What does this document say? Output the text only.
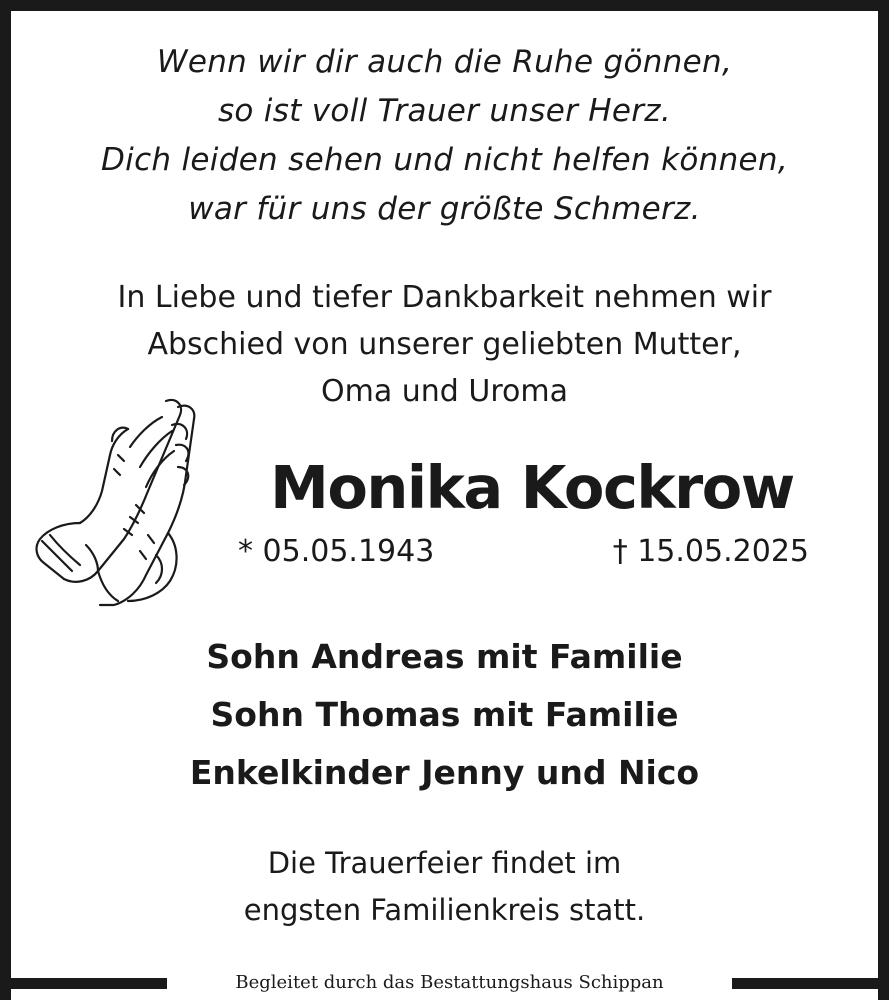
Wenn wir dir auch die Ruhe gönnen,
so ist voll Trauer unser Herz.
Dich leiden sehen und nicht helfen können,
war für uns der größte Schmerz.
In Liebe und tiefer Dankbarkeit nehmen wir
Abschied von unserer geliebten Mutter,
Oma und Uroma
Monika Kockrow
* 05.05.1943	† 15.05.2025
Sohn Andreas mit Familie
Sohn Thomas mit Familie
Enkelkinder Jenny und Nico
Die Trauerfeier findet im
engsten Familienkreis statt.
Begleitet durch das Bestattungshaus Schippan
